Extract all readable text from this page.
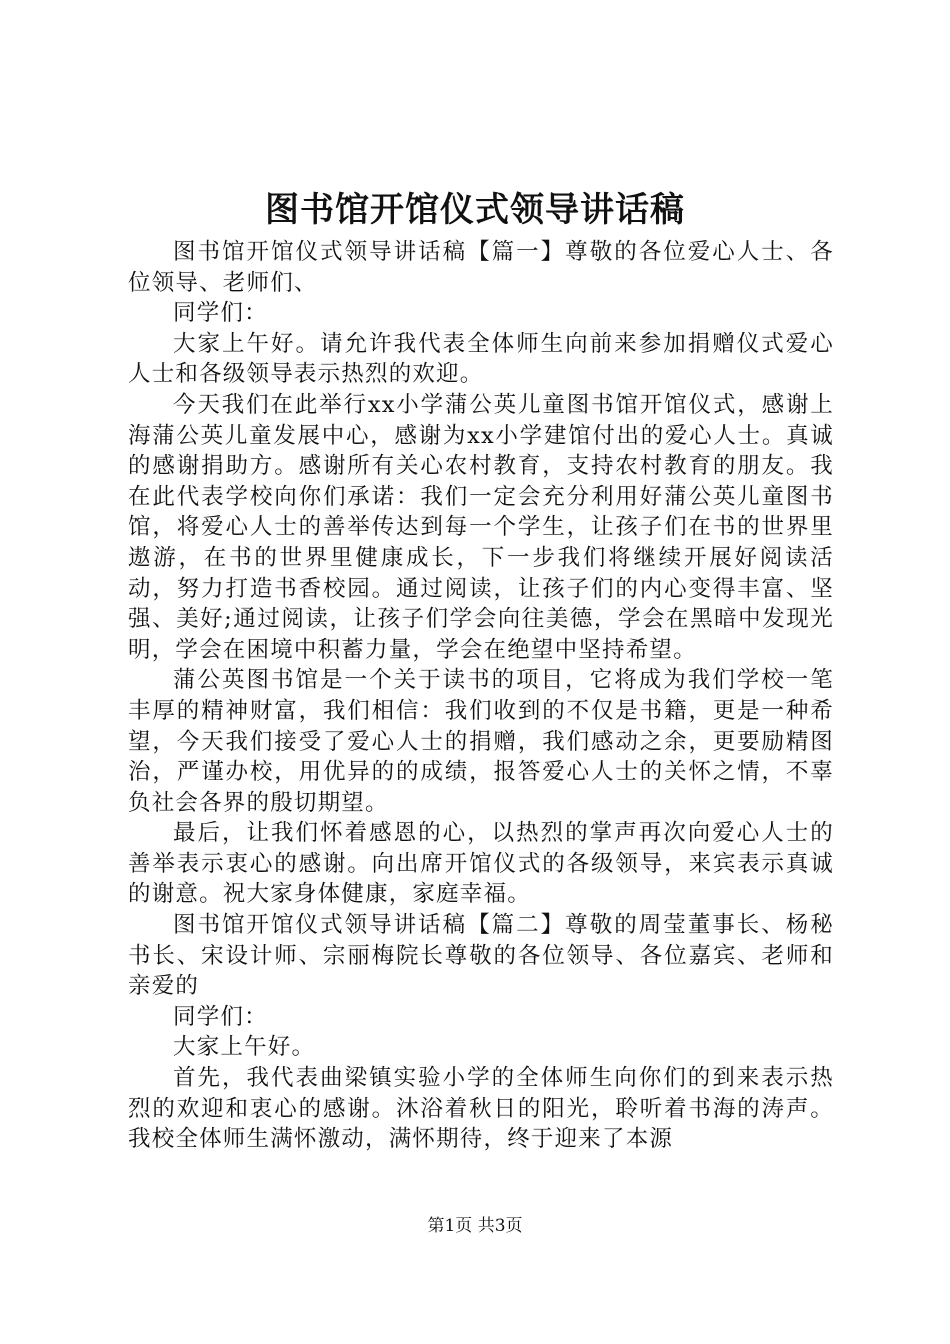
图书馆开馆仪式领导讲话稿

图书馆开馆仪式领导讲话稿【篇一】尊敬的各位爱心人士、各位领导、老师们、

同学们：

大家上午好。请允许我代表全体师生向前来参加捐赠仪式爱心人士和各级领导表示热烈的欢迎。

今天我们在此举行xx小学蒲公英儿童图书馆开馆仪式，感谢上海蒲公英儿童发展中心，感谢为xx小学建馆付出的爱心人士。真诚的感谢捐助方。感谢所有关心农村教育，支持农村教育的朋友。我在此代表学校向你们承诺：我们一定会充分利用好蒲公英儿童图书馆，将爱心人士的善举传达到每一个学生，让孩子们在书的世界里遨游，在书的世界里健康成长，下一步我们将继续开展好阅读活动，努力打造书香校园。通过阅读，让孩子们的内心变得丰富、坚强、美好;通过阅读，让孩子们学会向往美德，学会在黑暗中发现光明，学会在困境中积蓄力量，学会在绝望中坚持希望。

蒲公英图书馆是一个关于读书的项目，它将成为我们学校一笔丰厚的精神财富，我们相信：我们收到的不仅是书籍，更是一种希望，今天我们接受了爱心人士的捐赠，我们感动之余，更要励精图治，严谨办校，用优异的的成绩，报答爱心人士的关怀之情，不辜负社会各界的殷切期望。

最后，让我们怀着感恩的心，以热烈的掌声再次向爱心人士的善举表示衷心的感谢。向出席开馆仪式的各级领导，来宾表示真诚的谢意。祝大家身体健康，家庭幸福。

图书馆开馆仪式领导讲话稿【篇二】尊敬的周莹董事长、杨秘书长、宋设计师、宗丽梅院长尊敬的各位领导、各位嘉宾、老师和亲爱的

同学们：

大家上午好。

首先，我代表曲梁镇实验小学的全体师生向你们的到来表示热烈的欢迎和衷心的感谢。沐浴着秋日的阳光，聆听着书海的涛声。我校全体师生满怀激动，满怀期待，终于迎来了本源

第1页 共3页
